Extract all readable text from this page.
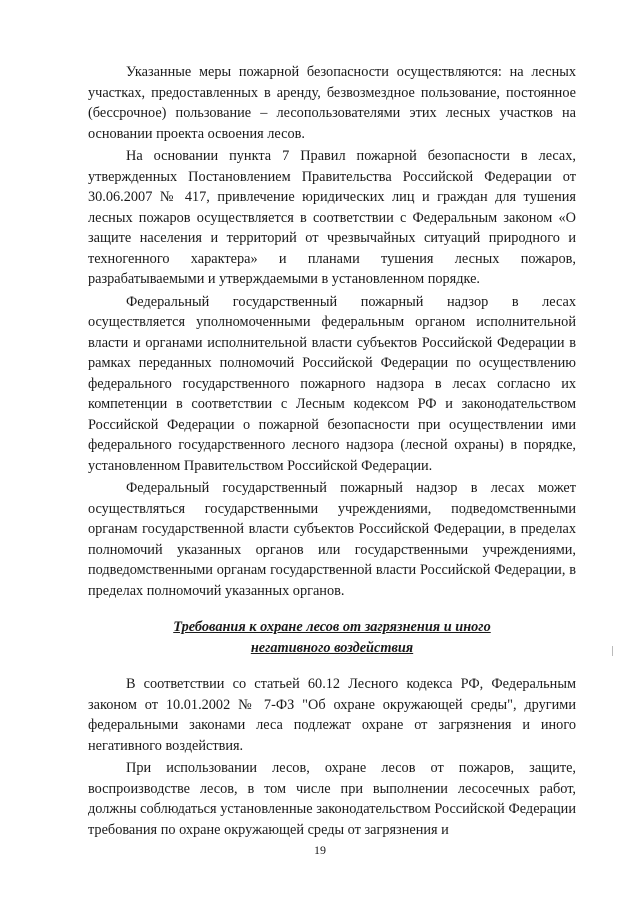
Указанные меры пожарной безопасности осуществляются: на лесных участках, предоставленных в аренду, безвозмездное пользование, постоянное (бессрочное) пользование – лесопользователями этих лесных участков на основании проекта освоения лесов.

На основании пункта 7 Правил пожарной безопасности в лесах, утвержденных Постановлением Правительства Российской Федерации от 30.06.2007 № 417, привлечение юридических лиц и граждан для тушения лесных пожаров осуществляется в соответствии с Федеральным законом «О защите населения и территорий от чрезвычайных ситуаций природного и техногенного характера» и планами тушения лесных пожаров, разрабатываемыми и утверждаемыми в установленном порядке.

Федеральный государственный пожарный надзор в лесах осуществляется уполномоченными федеральным органом исполнительной власти и органами исполнительной власти субъектов Российской Федерации в рамках переданных полномочий Российской Федерации по осуществлению федерального государственного пожарного надзора в лесах согласно их компетенции в соответствии с Лесным кодексом РФ и законодательством Российской Федерации о пожарной безопасности при осуществлении ими федерального государственного лесного надзора (лесной охраны) в порядке, установленном Правительством Российской Федерации.

Федеральный государственный пожарный надзор в лесах может осуществляться государственными учреждениями, подведомственными органам государственной власти субъектов Российской Федерации, в пределах полномочий указанных органов или государственными учреждениями, подведомственными органам государственной власти Российской Федерации, в пределах полномочий указанных органов.

Требования к охране лесов от загрязнения и иного
негативного воздействия

В соответствии со статьей 60.12 Лесного кодекса РФ, Федеральным законом от 10.01.2002 № 7-ФЗ "Об охране окружающей среды", другими федеральными законами леса подлежат охране от загрязнения и иного негативного воздействия.

При использовании лесов, охране лесов от пожаров, защите, воспроизводстве лесов, в том числе при выполнении лесосечных работ, должны соблюдаться установленные законодательством Российской Федерации требования по охране окружающей среды от загрязнения и

19
